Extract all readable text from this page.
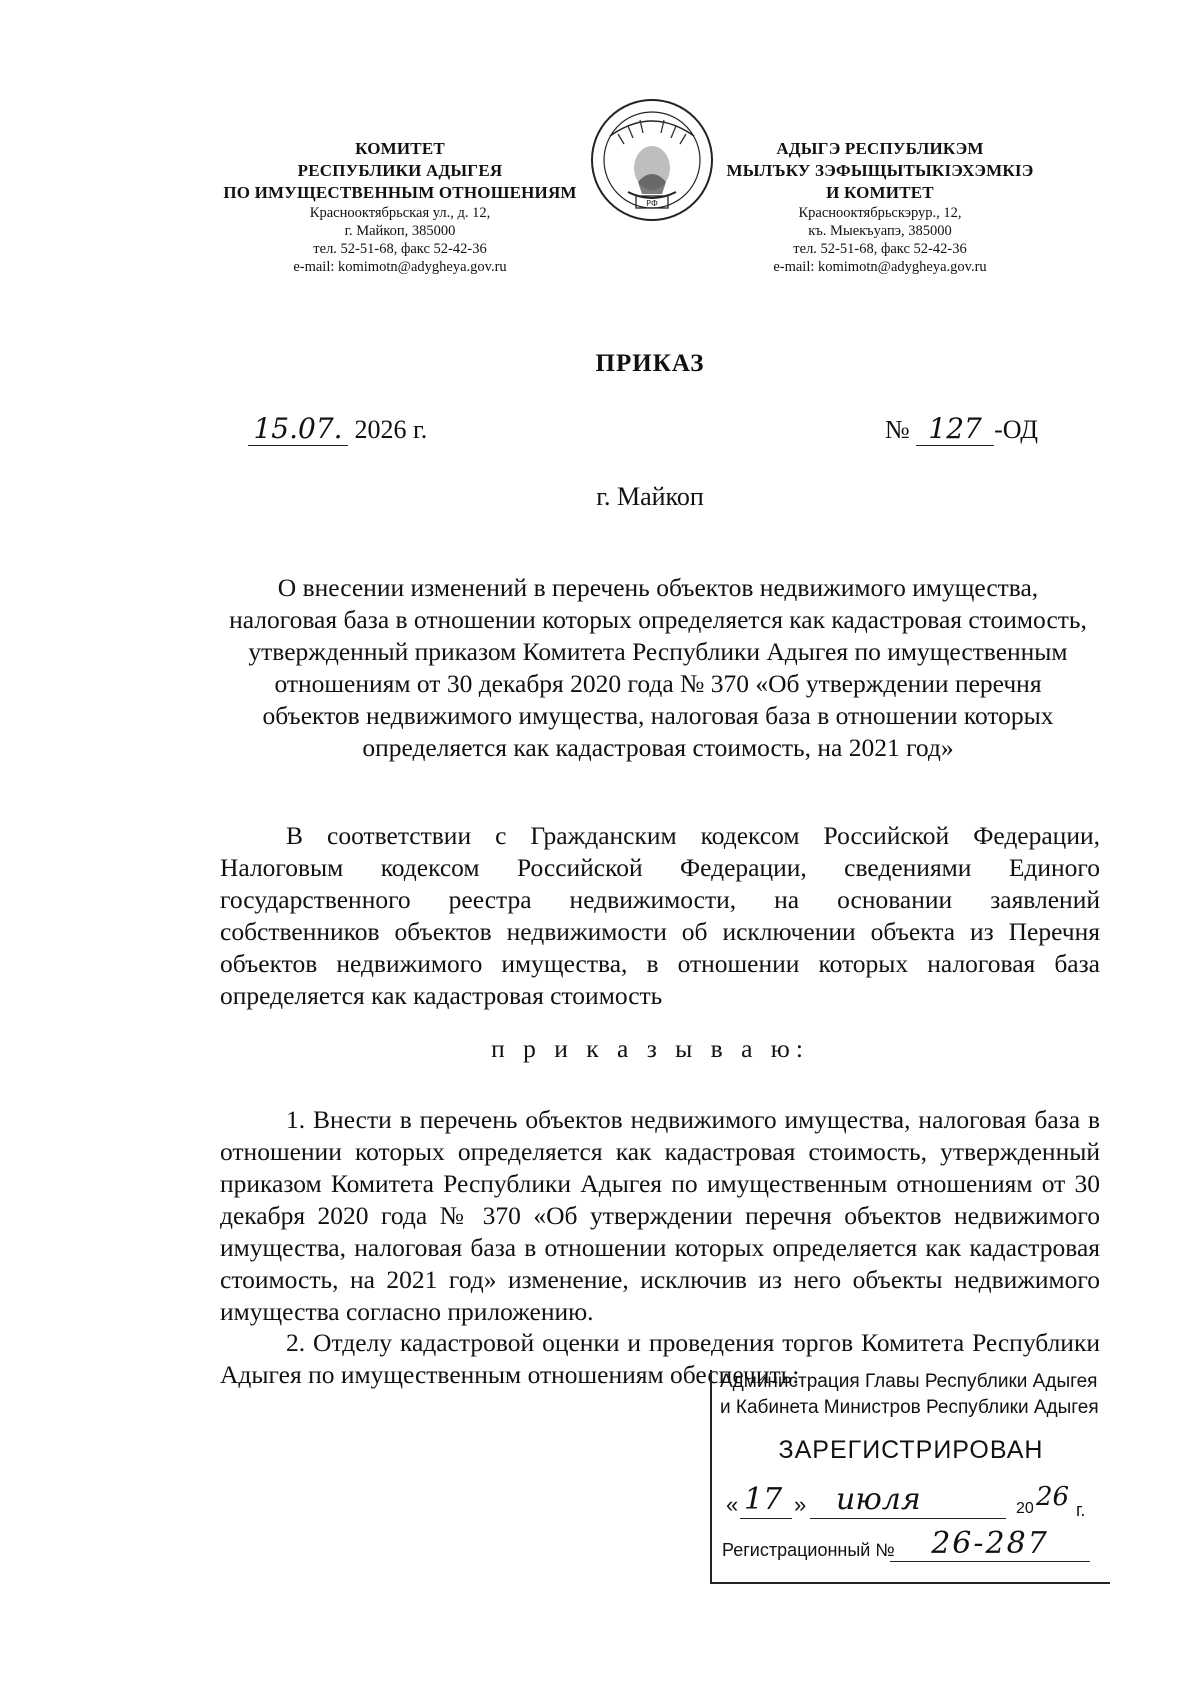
КОМИТЕТ
РЕСПУБЛИКИ АДЫГЕЯ
ПО ИМУЩЕСТВЕННЫМ ОТНОШЕНИЯМ
Краснооктябрьская ул., д. 12,
г. Майкоп, 385000
тел. 52-51-68, факс 52-42-36
e-mail: komimotn@adygheya.gov.ru
РФ
АДЫГЭ РЕСПУБЛИКЭМ
МЫЛЪКУ ЗЭФЫЩЫТЫКIЭХЭМКIЭ
И КОМИТЕТ
Краснооктябрьскэрур., 12,
къ. Мыекъуапэ, 385000
тел. 52-51-68, факс 52-42-36
e-mail: komimotn@adygheya.gov.ru
ПРИКАЗ
15.07. 2026 г.	№ 127 -ОД
г. Майкоп
О внесении изменений в перечень объектов недвижимого имущества, налоговая база в отношении которых определяется как кадастровая стоимость, утвержденный приказом Комитета Республики Адыгея по имущественным отношениям от 30 декабря 2020 года № 370 «Об утверждении перечня объектов недвижимого имущества, налоговая база в отношении которых определяется как кадастровая стоимость, на 2021 год»
В соответствии с Гражданским кодексом Российской Федерации, Налоговым кодексом Российской Федерации, сведениями Единого государственного реестра недвижимости, на основании заявлений собственников объектов недвижимости об исключении объекта из Перечня объектов недвижимого имущества, в отношении которых налоговая база определяется как кадастровая стоимость
п р и к а з ы в а ю:
1. Внести в перечень объектов недвижимого имущества, налоговая база в отношении которых определяется как кадастровая стоимость, утвержденный приказом Комитета Республики Адыгея по имущественным отношениям от 30 декабря 2020 года № 370 «Об утверждении перечня объектов недвижимого имущества, налоговая база в отношении которых определяется как кадастровая стоимость, на 2021 год» изменение, исключив из него объекты недвижимого имущества согласно приложению.
2. Отделу кадастровой оценки и проведения торгов Комитета Республики Адыгея по имущественным отношениям обеспечить:
Администрация Главы Республики Адыгея
и Кабинета Министров Республики Адыгея
ЗАРЕГИСТРИРОВАН
« 17 » июля	20 26 г.
Регистрационный №	26-287
